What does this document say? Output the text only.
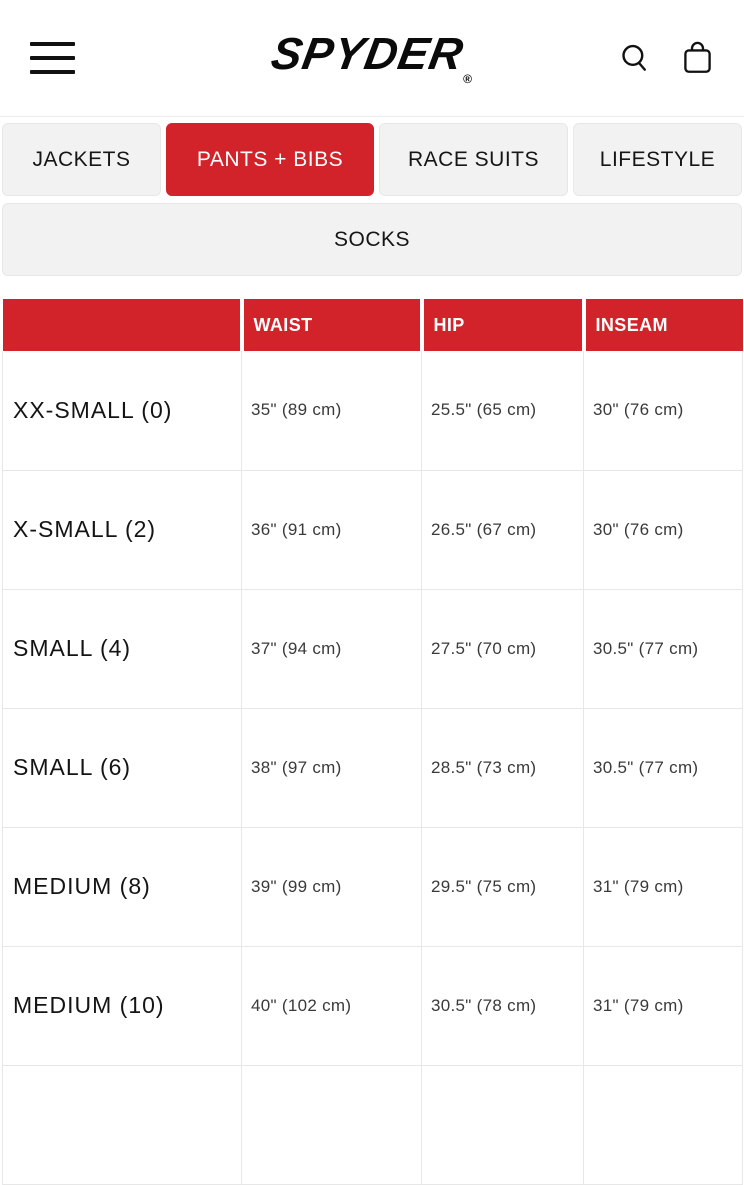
$SPYDER_®$
JACKETS	PANTS + BIBS	RACE SUITS	LIFESTYLE
SOCKS
	WAIST	HIP	INSEAM
XX-SMALL (0)	35" (89 cm)	25.5" (65 cm)	30" (76 cm)
X-SMALL (2)	36" (91 cm)	26.5" (67 cm)	30" (76 cm)
SMALL (4)	37" (94 cm)	27.5" (70 cm)	30.5" (77 cm)
SMALL (6)	38" (97 cm)	28.5" (73 cm)	30.5" (77 cm)
MEDIUM (8)	39" (99 cm)	29.5" (75 cm)	31" (79 cm)
MEDIUM (10)	40" (102 cm)	30.5" (78 cm)	31" (79 cm)
